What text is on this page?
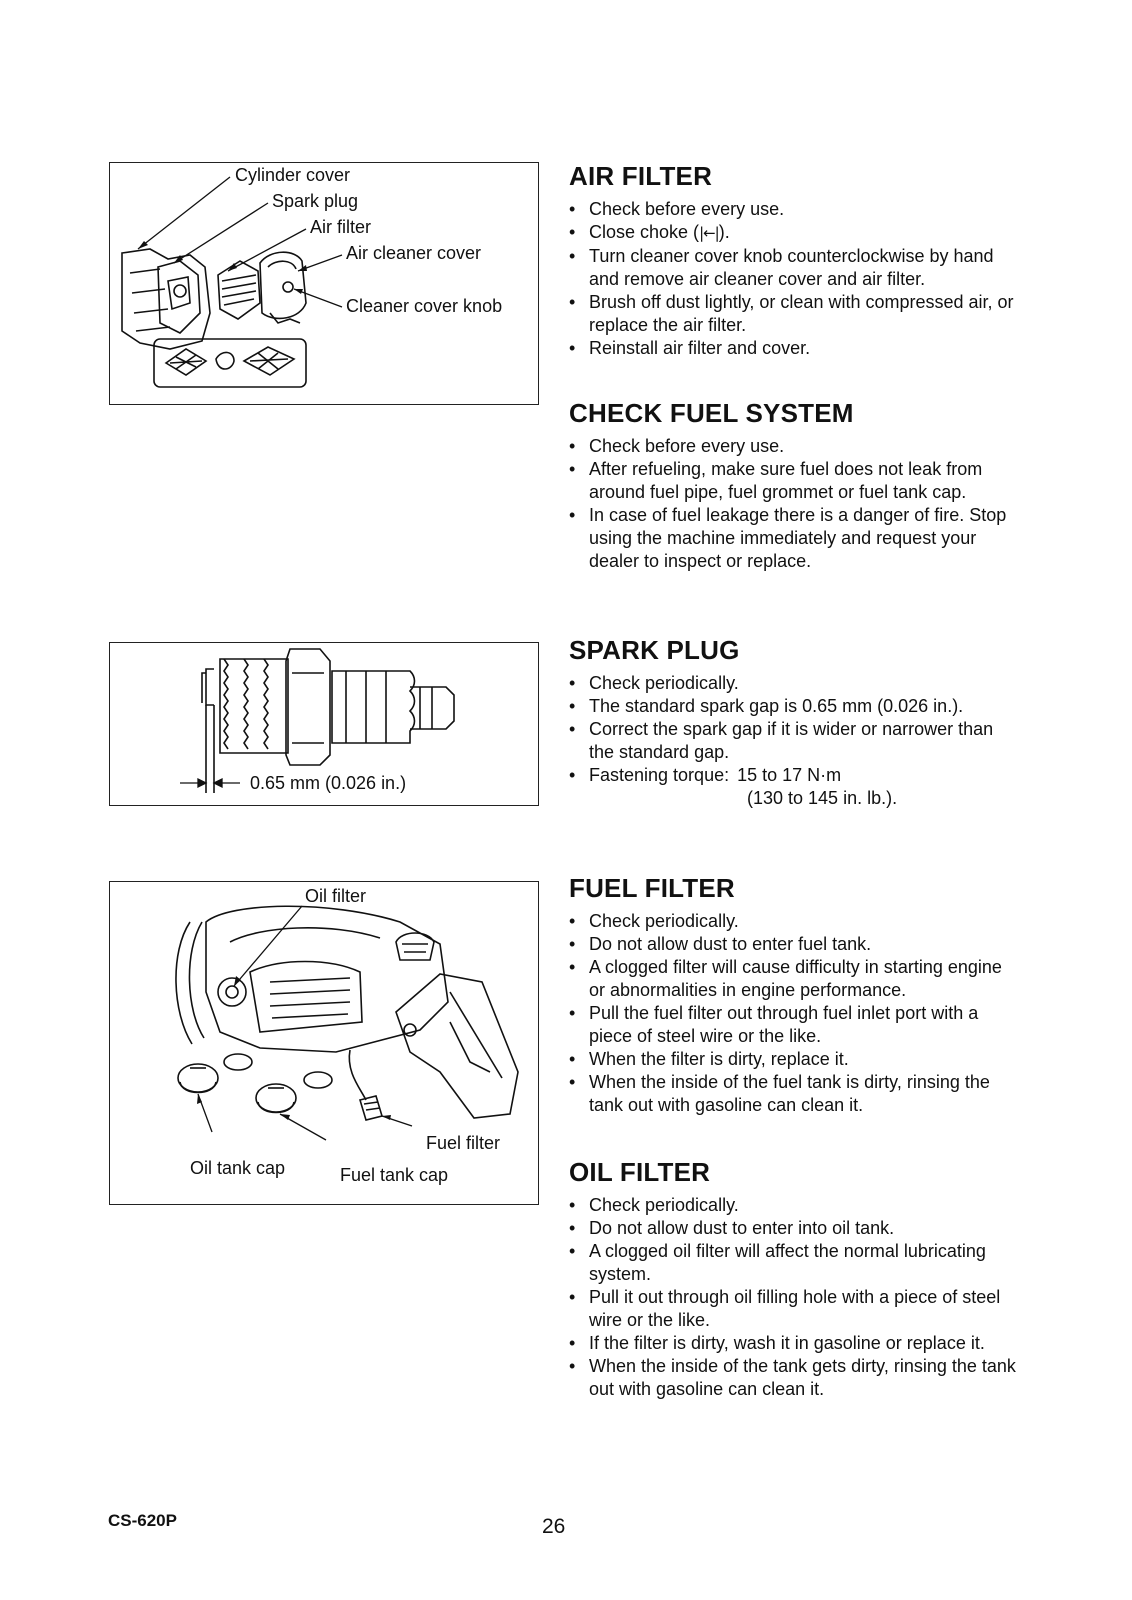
Cylinder cover
Spark plug
Air filter
Air cleaner cover
Cleaner cover knob
0.65 mm (0.026 in.)
Oil filter
Fuel filter
Oil tank cap	Fuel tank cap
AIR FILTER
• Check before every use.
• Close choke (|←|).
• Turn cleaner cover knob counterclockwise by hand and remove air cleaner cover and air filter.
• Brush off dust lightly, or clean with compressed air, or replace the air filter.
• Reinstall air filter and cover.
CHECK FUEL SYSTEM
• Check before every use.
• After refueling, make sure fuel does not leak from around fuel pipe, fuel grommet or fuel tank cap.
• In case of fuel leakage there is a danger of fire. Stop using the machine immediately and request your dealer to inspect or replace.
SPARK PLUG
• Check periodically.
• The standard spark gap is 0.65 mm (0.026 in.).
• Correct the spark gap if it is wider or narrower than the standard gap.
• Fastening torque: 15 to 17 N·m
(130 to 145 in. lb.).
FUEL FILTER
• Check periodically.
• Do not allow dust to enter fuel tank.
• A clogged filter will cause difficulty in starting engine or abnormalities in engine performance.
• Pull the fuel filter out through fuel inlet port with a piece of steel wire or the like.
• When the filter is dirty, replace it.
• When the inside of the fuel tank is dirty, rinsing the tank out with gasoline can clean it.
OIL FILTER
• Check periodically.
• Do not allow dust to enter into oil tank.
• A clogged oil filter will affect the normal lubricating system.
• Pull it out through oil filling hole with a piece of steel wire or the like.
• If the filter is dirty, wash it in gasoline or replace it.
• When the inside of the tank gets dirty, rinsing the tank out with gasoline can clean it.
CS-620P	26
